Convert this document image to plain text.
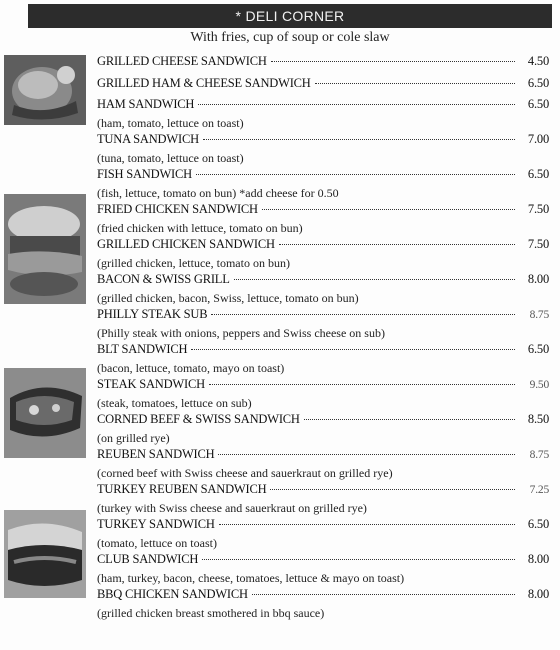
* DELI CORNER
With fries, cup of soup or cole slaw
GRILLED CHEESE SANDWICH	4.50
GRILLED HAM & CHEESE SANDWICH	6.50
HAM SANDWICH	6.50
(ham, tomato, lettuce on toast)
TUNA SANDWICH	7.00
(tuna, tomato, lettuce on toast)
FISH SANDWICH	6.50
(fish, lettuce, tomato on bun) *add cheese for 0.50
FRIED CHICKEN SANDWICH	7.50
(fried chicken with lettuce, tomato on bun)
GRILLED CHICKEN SANDWICH	7.50
(grilled chicken, lettuce, tomato on bun)
BACON & SWISS GRILL	8.00
(grilled chicken, bacon, Swiss, lettuce, tomato on bun)
PHILLY STEAK SUB	8.75
(Philly steak with onions, peppers and Swiss cheese on sub)
BLT SANDWICH	6.50
(bacon, lettuce, tomato, mayo on toast)
STEAK SANDWICH	9.50
(steak, tomatoes, lettuce on sub)
CORNED BEEF & SWISS SANDWICH	8.50
(on grilled rye)
REUBEN SANDWICH	8.75
(corned beef with Swiss cheese and sauerkraut on grilled rye)
TURKEY REUBEN SANDWICH	7.25
(turkey with Swiss cheese and sauerkraut on grilled rye)
TURKEY SANDWICH	6.50
(tomato, lettuce on toast)
CLUB SANDWICH	8.00
(ham, turkey, bacon, cheese, tomatoes, lettuce & mayo on toast)
BBQ CHICKEN SANDWICH	8.00
(grilled chicken breast smothered in bbq sauce)
